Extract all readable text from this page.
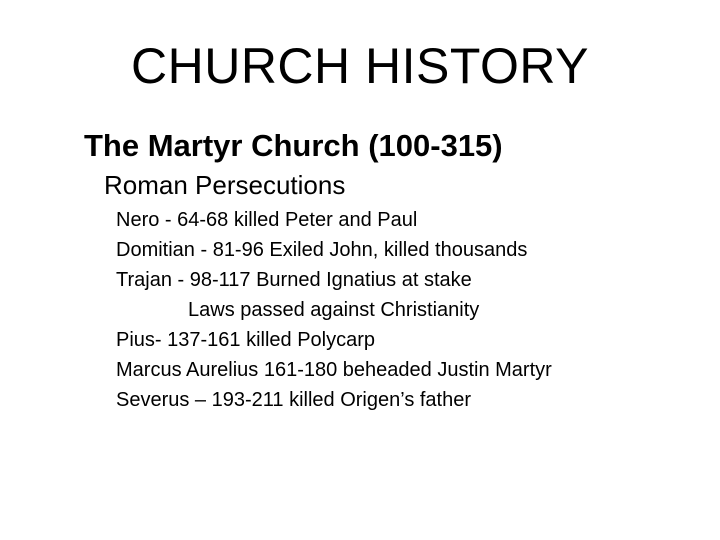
CHURCH HISTORY
The Martyr Church (100-315)
Roman Persecutions
Nero - 64-68 killed Peter and Paul
Domitian - 81-96 Exiled John, killed thousands
Trajan - 98-117 Burned Ignatius at stake
Laws passed against Christianity
Pius- 137-161 killed Polycarp
Marcus Aurelius 161-180 beheaded Justin Martyr
Severus – 193-211 killed Origen’s father
